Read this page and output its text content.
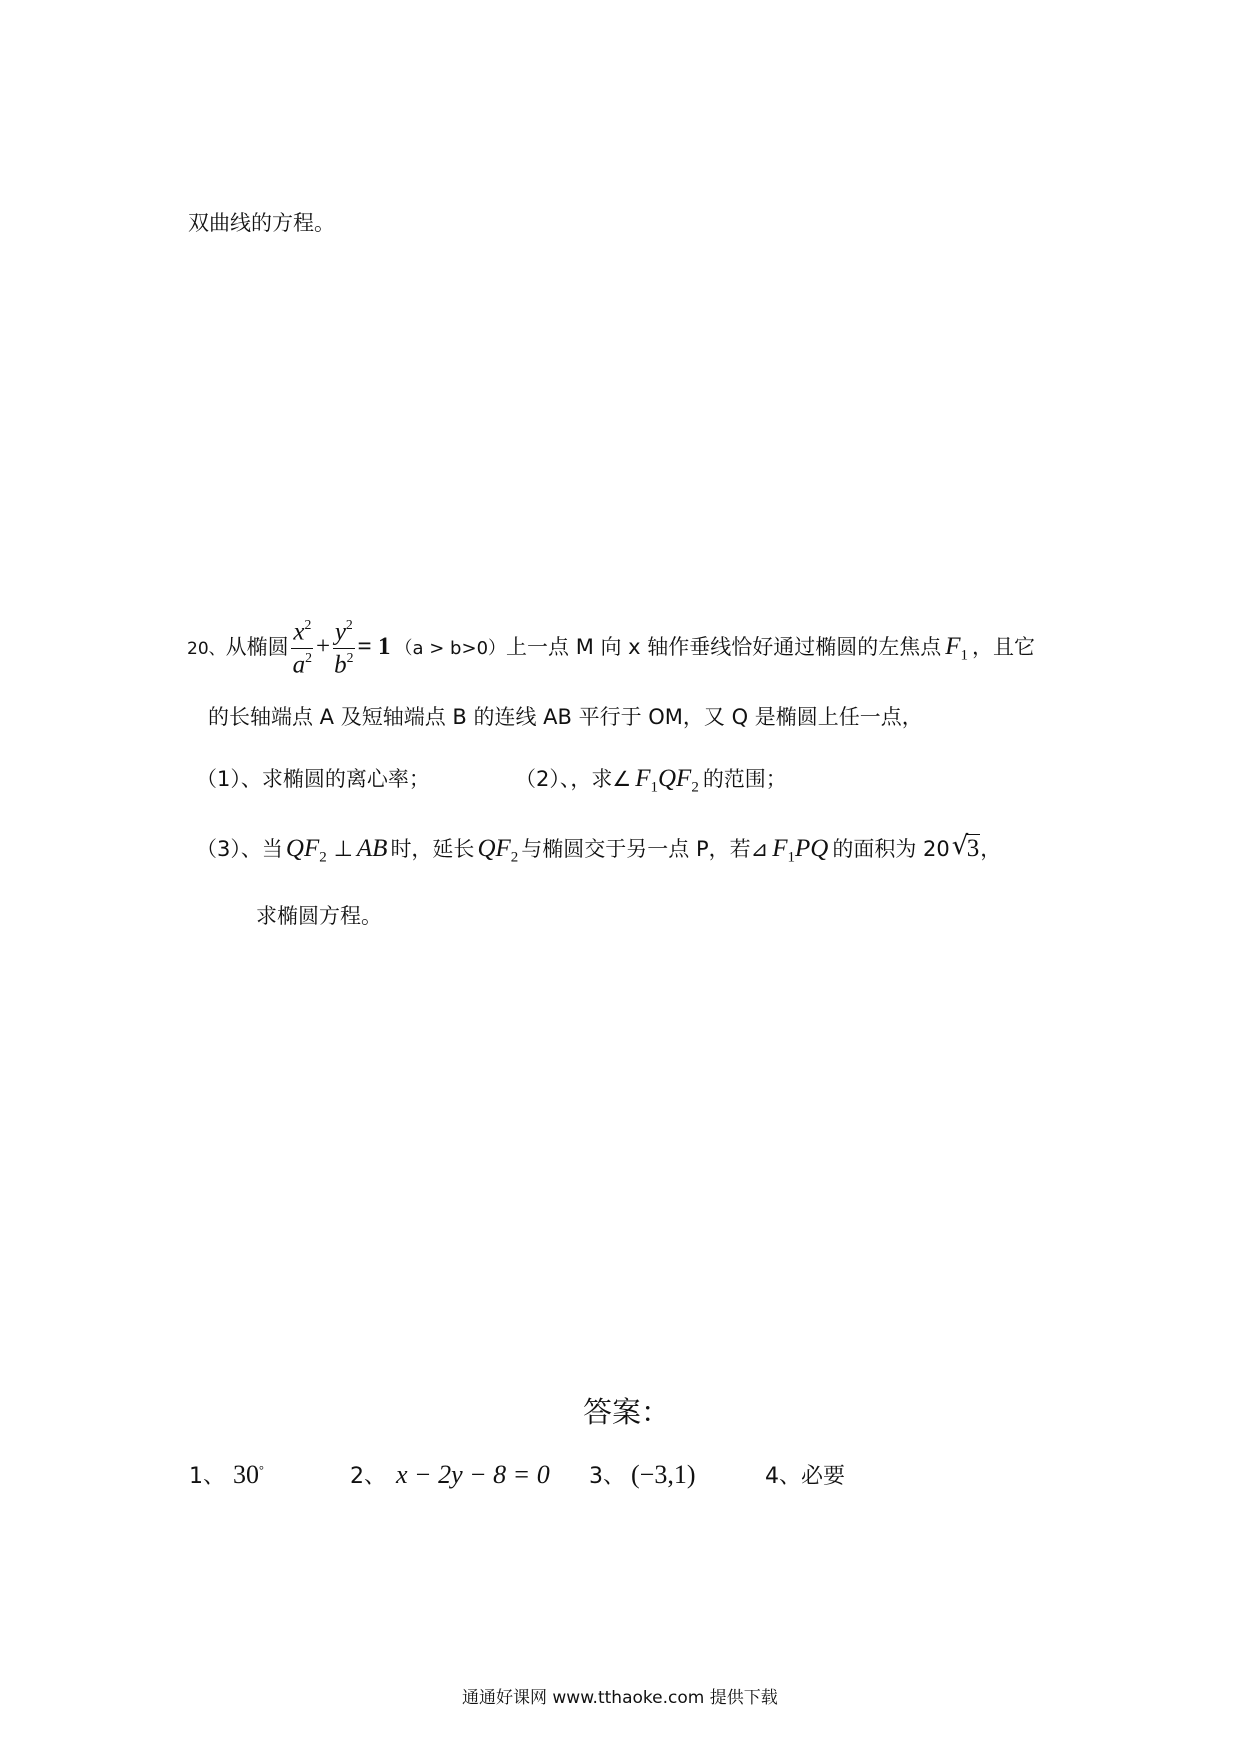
双曲线的方程。
20、从椭圆 $\frac{x^2}{a^2} + \frac{y^2}{b^2} = 1$ （a > b>0）上一点 M 向 x 轴作垂线恰好通过椭圆的左焦点 $F_1$ ，且它
的长轴端点 A 及短轴端点 B 的连线 AB 平行于 OM，又 Q 是椭圆上任一点，
（1）、求椭圆的离心率；	（2）、，求∠ $F_1QF_2$ 的范围；
（3）、当 $QF_2$ ⊥ AB 时，延长 $QF_2$ 与椭圆交于另一点 P，若⊿ $F_1PQ$ 的面积为 20 √
3，
求椭圆方程。
答案：
1、 30°	2、 x − 2y − 8 = 0 3、 (−3,1)	4、必要
通通好课网 www.tthaoke.com 提供下载
